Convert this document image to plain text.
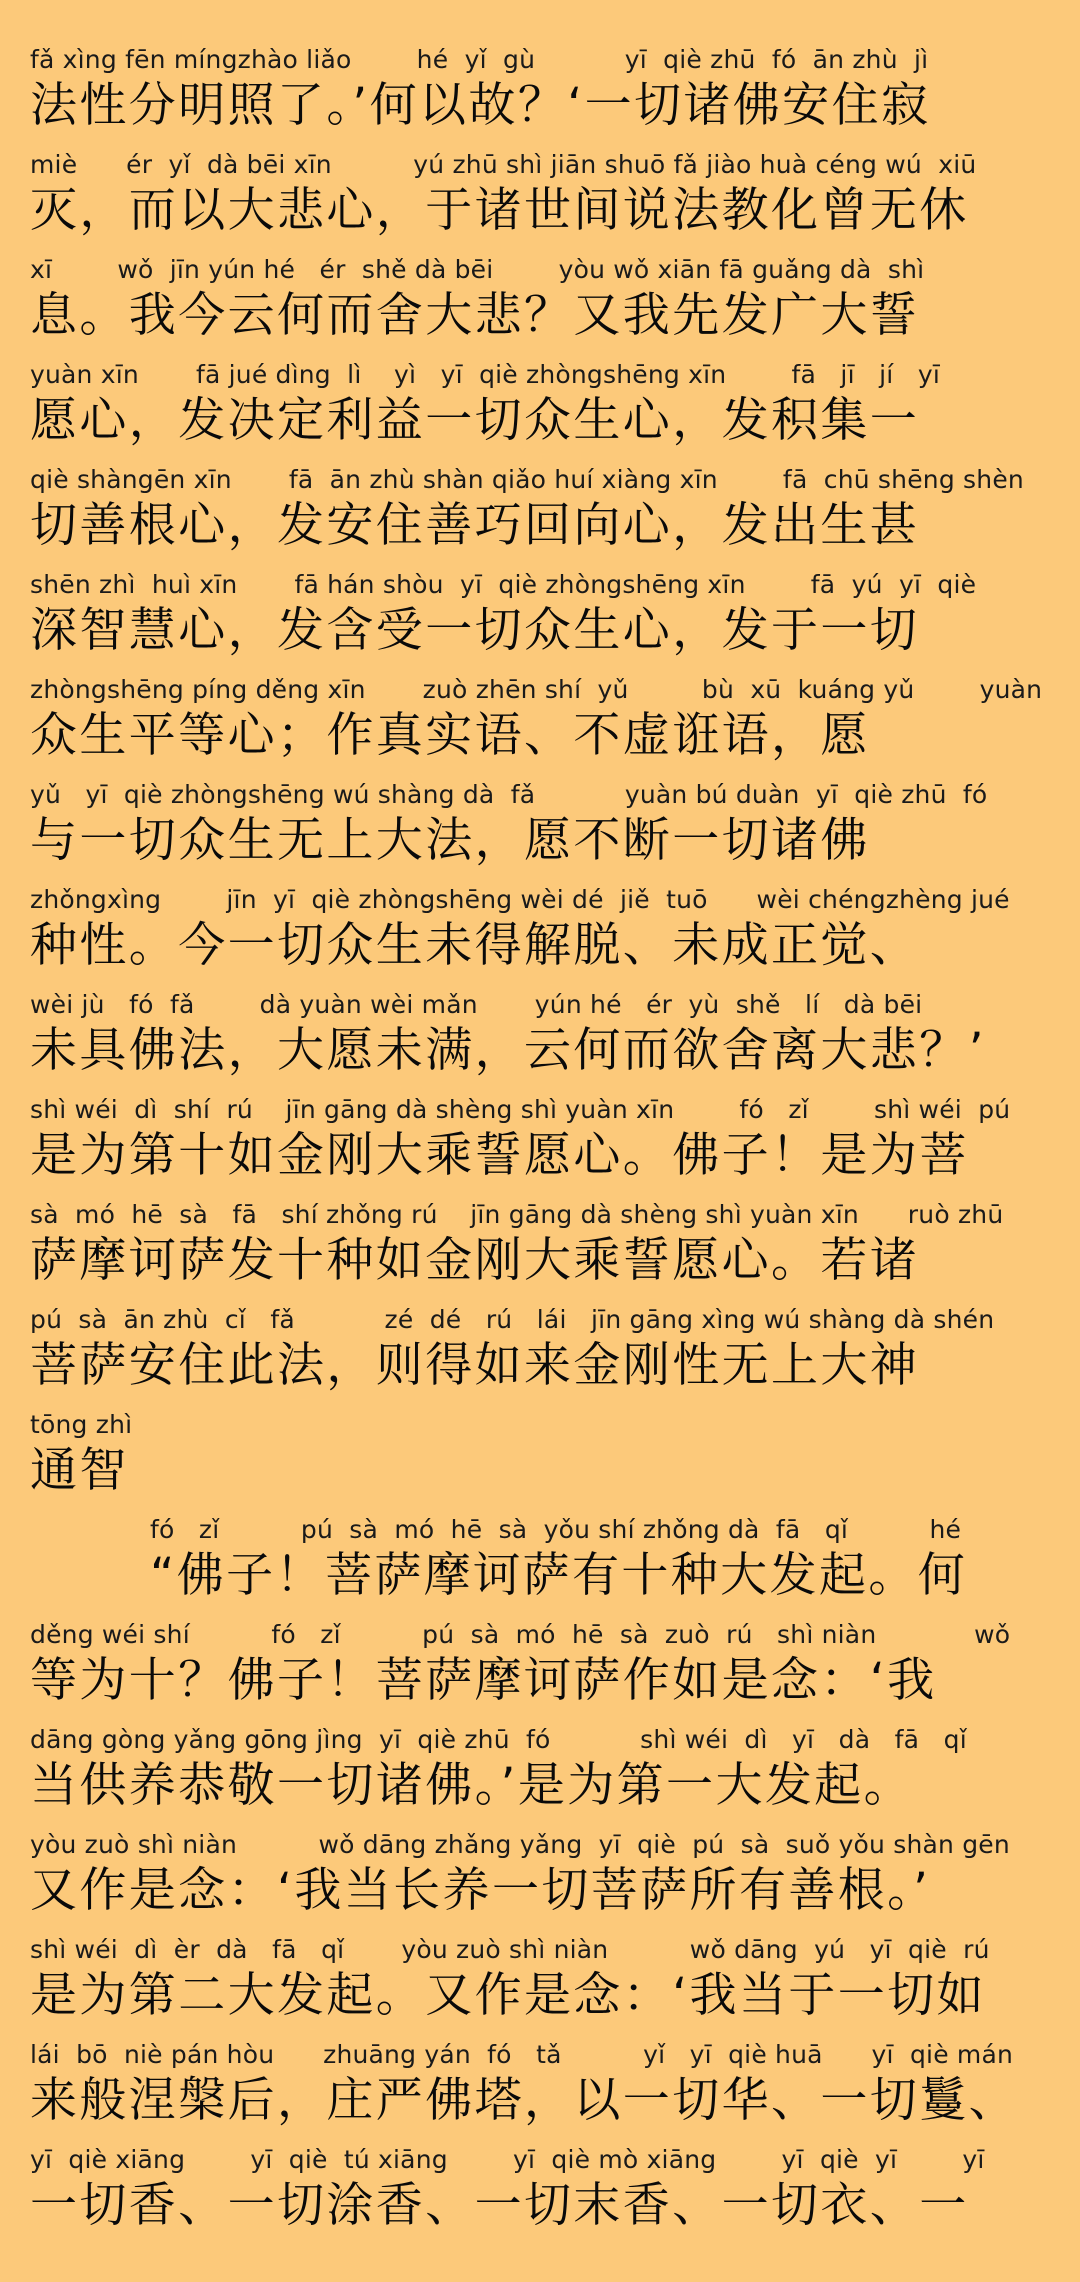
fǎ xìng fēn míngzhào liǎo        hé  yǐ  gù           yī  qiè zhū  fó  ān zhù  jì
法性分明照了。’何以故？‘一切诸佛安住寂
miè      ér  yǐ  dà bēi xīn          yú zhū shì jiān shuō fǎ jiào huà céng wú  xiū
灭，而以大悲心，于诸世间说法教化曾无休
xī        wǒ  jīn yún hé   ér  shě dà bēi        yòu wǒ xiān fā guǎng dà  shì
息。我今云何而舍大悲？又我先发广大誓
yuàn xīn       fā jué dìng  lì    yì   yī  qiè zhòngshēng xīn        fā   jī   jí   yī
愿心，发决定利益一切众生心，发积集一
qiè shàngēn xīn       fā  ān zhù shàn qiǎo huí xiàng xīn        fā  chū shēng shèn
切善根心，发安住善巧回向心，发出生甚
shēn zhì  huì xīn       fā hán shòu  yī  qiè zhòngshēng xīn        fā  yú  yī  qiè
深智慧心，发含受一切众生心，发于一切
zhòngshēng píng děng xīn       zuò zhēn shí  yǔ         bù  xū  kuáng yǔ        yuàn
众生平等心；作真实语、不虚诳语，愿
yǔ   yī  qiè zhòngshēng wú shàng dà  fǎ           yuàn bú duàn  yī  qiè zhū  fó
与一切众生无上大法，愿不断一切诸佛
zhǒngxìng        jīn  yī  qiè zhòngshēng wèi dé  jiě  tuō      wèi chéngzhèng jué
种性。今一切众生未得解脱、未成正觉、
wèi jù   fó  fǎ        dà yuàn wèi mǎn       yún hé   ér  yù  shě   lí   dà bēi
未具佛法，大愿未满，云何而欲舍离大悲？’
shì wéi  dì  shí  rú    jīn gāng dà shèng shì yuàn xīn        fó   zǐ        shì wéi  pú
是为第十如金刚大乘誓愿心。佛子！是为菩
sà  mó  hē  sà   fā   shí zhǒng rú    jīn gāng dà shèng shì yuàn xīn      ruò zhū
萨摩诃萨发十种如金刚大乘誓愿心。若诸
pú  sà  ān zhù  cǐ   fǎ           zé  dé   rú   lái   jīn gāng xìng wú shàng dà shén
菩萨安住此法，则得如来金刚性无上大神
tōng zhì
通智
fó   zǐ          pú  sà  mó  hē  sà  yǒu shí zhǒng dà  fā   qǐ          hé
“佛子！菩萨摩诃萨有十种大发起。何
děng wéi shí          fó   zǐ          pú  sà  mó  hē  sà  zuò  rú   shì niàn            wǒ
等为十？佛子！菩萨摩诃萨作如是念：‘我
dāng gòng yǎng gōng jìng  yī  qiè zhū  fó           shì wéi  dì   yī   dà   fā   qǐ
当供养恭敬一切诸佛。’是为第一大发起。
yòu zuò shì niàn          wǒ dāng zhǎng yǎng  yī  qiè  pú  sà  suǒ yǒu shàn gēn
又作是念：‘我当长养一切菩萨所有善根。’
shì wéi  dì  èr  dà   fā   qǐ       yòu zuò shì niàn          wǒ dāng  yú   yī  qiè  rú
是为第二大发起。又作是念：‘我当于一切如
lái  bō  niè pán hòu      zhuāng yán  fó   tǎ          yǐ   yī  qiè huā      yī  qiè mán
来般涅槃后，庄严佛塔，以一切华、一切鬘、
yī  qiè xiāng        yī  qiè  tú xiāng        yī  qiè mò xiāng        yī  qiè  yī        yī
一切香、一切涂香、一切末香、一切衣、一
